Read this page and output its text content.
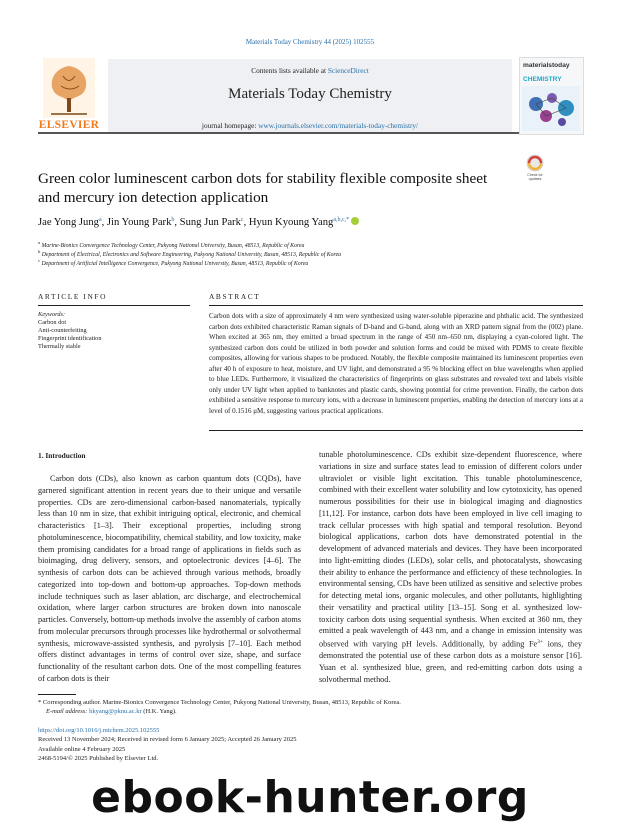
Materials Today Chemistry 44 (2025) 102555
Contents lists available at ScienceDirect
Materials Today Chemistry
journal homepage: www.journals.elsevier.com/materials-today-chemistry/
ELSEVIER
materialstoday
CHEMISTRY
Check for updates
Green color luminescent carbon dots for stability flexible composite sheet and mercury ion detection application
Jae Yong Jung$^a$, Jin Young Park$^b$, Sung Jun Park$^c$, Hyun Kyoung Yang$^{a,b,c,*}$
$^a$ Marine-Bionics Convergence Technology Center, Pukyong National University, Busan, 48513, Republic of Korea
$^b$ Department of Electrical, Electronics and Software Engineering, Pukyong National University, Busan, 48513, Republic of Korea
$^c$ Department of Artificial Intelligence Convergence, Pukyong National University, Busan, 48513, Republic of Korea
ARTICLE INFO	ABSTRACT
Keywords:
Carbon dot
Anti-counterfeiting
Fingerprint identification
Thermally stable
Carbon dots with a size of approximately 4 nm were synthesized using water-soluble piperazine and phthalic acid. The synthesized carbon dots exhibited characteristic Raman signals of D-band and G-band, along with an XRD pattern signal from the (002) plane. When excited at 365 nm, they emitted a broad spectrum in the range of 450 nm–650 nm, displaying a cyan-colored light. The synthesized carbon dots could be utilized in both powder and solution forms and could be mixed with PDMS to create flexible composites, allowing for various shapes to be produced. Notably, the flexible composite maintained its luminescent properties even after 40 h of exposure to heat, moisture, and UV light, and demonstrated a 95 % blocking effect on blue wavelengths when applied to blue LEDs. Furthermore, it visualized the characteristics of fingerprints on glass substrates and revealed text and labels visible only under UV light when applied to banknotes and plastic cards, showing potential for crime prevention. Finally, the carbon dots exhibited a sensitive response to mercury ions, with a decrease in luminescent properties, enabling the detection of mercury ions at a level of 0.1516 μM, suggesting various practical applications.
1. Introduction
Carbon dots (CDs), also known as carbon quantum dots (CQDs), have garnered significant attention in recent years due to their unique and versatile properties. CDs are zero-dimensional carbon-based nanomaterials, typically less than 10 nm in size, that exhibit intriguing optical, electronic, and chemical characteristics [1–3]. Their exceptional properties, including strong photoluminescence, biocompatibility, chemical stability, and low toxicity, make them promising candidates for a broad range of applications in fields such as bioimaging, drug delivery, sensors, and optoelectronic devices [4–6]. The synthesis of carbon dots can be achieved through various methods, broadly categorized into top-down and bottom-up approaches. Top-down methods include techniques such as laser ablation, arc discharge, and electrochemical oxidation, where larger carbon structures are broken down into nanoscale particles. Conversely, bottom-up methods involve the assembly of carbon atoms from molecular precursors through processes like hydrothermal or solvothermal synthesis, microwave-assisted synthesis, and pyrolysis [7–10]. Each method offers distinct advantages in terms of control over size, shape, and surface functionality of the resultant carbon dots. One of the most compelling features of carbon dots is their
tunable photoluminescence. CDs exhibit size-dependent fluorescence, where variations in size and surface states lead to emission of different colors under ultraviolet or visible light excitation. This tunable photoluminescence, combined with their excellent water solubility and low cytotoxicity, has opened numerous possibilities for their use in biological imaging and diagnostics [11,12]. For instance, carbon dots have been employed in live cell imaging to track cellular processes with high spatial and temporal resolution. Beyond biological applications, carbon dots have demonstrated potential in the development of advanced materials and devices. They have been incorporated into light-emitting diodes (LEDs), solar cells, and photocatalysts, showcasing their ability to enhance the performance and efficiency of these technologies. In environmental sensing, CDs have been utilized as sensitive and selective probes for detecting metal ions, organic molecules, and other pollutants, highlighting their versatility and practical utility [13–15]. Song et al. synthesized low-toxicity carbon dots using sequential synthesis. When excited at 360 nm, they emitted a peak wavelength of 443 nm, and a change in emission intensity was observed with varying pH levels. Additionally, by adding $Fe^{3+}$ ions, they demonstrated the potential use of these carbon dots as a moisture sensor [16]. Yuan et al. synthesized blue, green, and red-emitting carbon dots using a solvothermal method.
* Corresponding author. Marine-Bionics Convergence Technology Center, Pukyong National University, Busan, 48513, Republic of Korea.
E-mail address: hkyang@pknu.ac.kr (H.K. Yang).
https://doi.org/10.1016/j.mtchem.2025.102555
Received 13 November 2024; Received in revised form 6 January 2025; Accepted 26 January 2025
Available online 4 February 2025
2468-5194/© 2025 Published by Elsevier Ltd.
ebook-hunter.org
